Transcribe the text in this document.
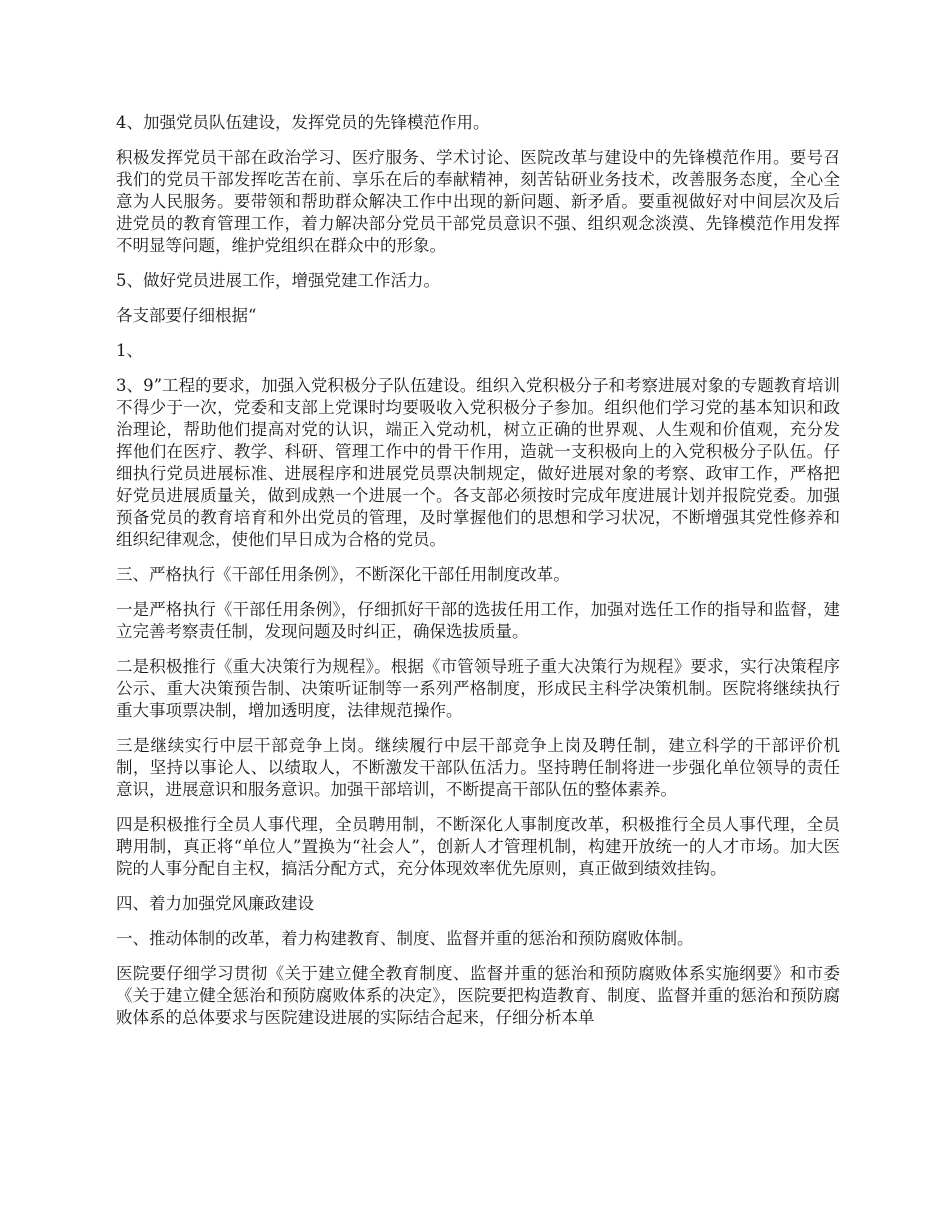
4、加强党员队伍建设，发挥党员的先锋模范作用。

积极发挥党员干部在政治学习、医疗服务、学术讨论、医院改革与建设中的先锋模范作用。要号召我们的党员干部发挥吃苦在前、享乐在后的奉献精神，刻苦钻研业务技术，改善服务态度，全心全意为人民服务。要带领和帮助群众解决工作中出现的新问题、新矛盾。要重视做好对中间层次及后进党员的教育管理工作，着力解决部分党员干部党员意识不强、组织观念淡漠、先锋模范作用发挥不明显等问题，维护党组织在群众中的形象。

5、做好党员进展工作，增强党建工作活力。

各支部要仔细根据“

1、

3、9”工程的要求，加强入党积极分子队伍建设。组织入党积极分子和考察进展对象的专题教育培训不得少于一次，党委和支部上党课时均要吸收入党积极分子参加。组织他们学习党的基本知识和政治理论，帮助他们提高对党的认识，端正入党动机，树立正确的世界观、人生观和价值观，充分发挥他们在医疗、教学、科研、管理工作中的骨干作用，造就一支积极向上的入党积极分子队伍。仔细执行党员进展标准、进展程序和进展党员票决制规定，做好进展对象的考察、政审工作，严格把好党员进展质量关，做到成熟一个进展一个。各支部必须按时完成年度进展计划并报院党委。加强预备党员的教育培育和外出党员的管理，及时掌握他们的思想和学习状况，不断增强其党性修养和组织纪律观念，使他们早日成为合格的党员。

三、严格执行《干部任用条例》，不断深化干部任用制度改革。

一是严格执行《干部任用条例》，仔细抓好干部的选拔任用工作，加强对选任工作的指导和监督，建立完善考察责任制，发现问题及时纠正，确保选拔质量。

二是积极推行《重大决策行为规程》。根据《市管领导班子重大决策行为规程》要求，实行决策程序公示、重大决策预告制、决策听证制等一系列严格制度，形成民主科学决策机制。医院将继续执行重大事项票决制，增加透明度，法律规范操作。

三是继续实行中层干部竞争上岗。继续履行中层干部竞争上岗及聘任制，建立科学的干部评价机制，坚持以事论人、以绩取人，不断激发干部队伍活力。坚持聘任制将进一步强化单位领导的责任意识，进展意识和服务意识。加强干部培训，不断提高干部队伍的整体素养。

四是积极推行全员人事代理，全员聘用制，不断深化人事制度改革，积极推行全员人事代理，全员聘用制，真正将“单位人”置换为“社会人”，创新人才管理机制，构建开放统一的人才市场。加大医院的人事分配自主权，搞活分配方式，充分体现效率优先原则，真正做到绩效挂钩。

四、着力加强党风廉政建设

一、推动体制的改革，着力构建教育、制度、监督并重的惩治和预防腐败体制。

医院要仔细学习贯彻《关于建立健全教育制度、监督并重的惩治和预防腐败体系实施纲要》和市委《关于建立健全惩治和预防腐败体系的决定》，医院要把构造教育、制度、监督并重的惩治和预防腐败体系的总体要求与医院建设进展的实际结合起来，仔细分析本单
